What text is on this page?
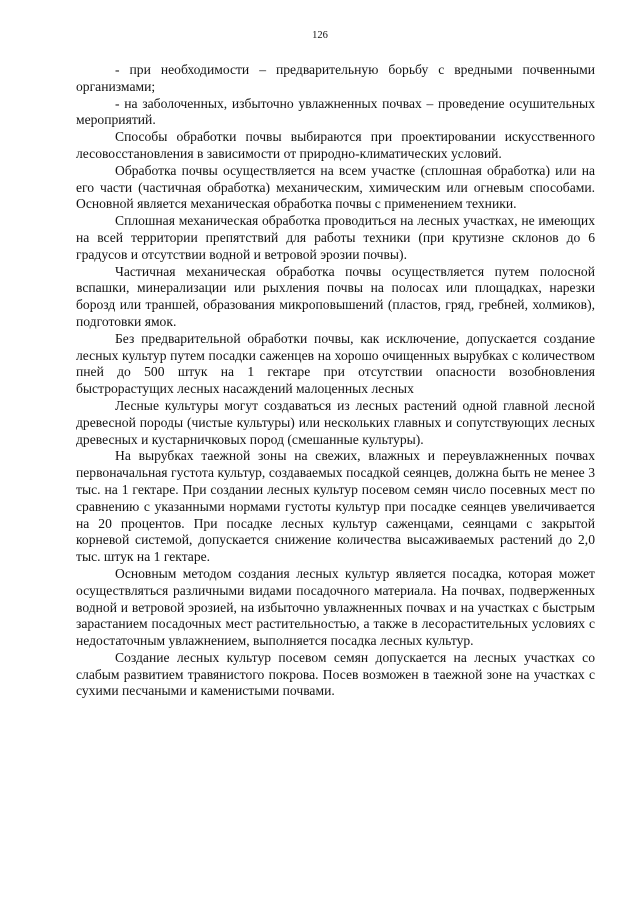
126

- при необходимости – предварительную борьбу с вредными почвенными организмами;

- на заболоченных, избыточно увлажненных почвах – проведение осушительных мероприятий.

Способы обработки почвы выбираются при проектировании искусственного лесовосстановления в зависимости от природно-климатических условий.

Обработка почвы осуществляется на всем участке (сплошная обработка) или на его части (частичная обработка) механическим, химическим или огневым способами. Основной является механическая обработка почвы с применением техники.

Сплошная механическая обработка проводиться на лесных участках, не имеющих на всей территории препятствий для работы техники (при крутизне склонов до 6 градусов и отсутствии водной и ветровой эрозии почвы).

Частичная механическая обработка почвы осуществляется путем полосной вспашки, минерализации или рыхления почвы на полосах или площадках, нарезки борозд или траншей, образования микроповышений (пластов, гряд, гребней, холмиков), подготовки ямок.

Без предварительной обработки почвы, как исключение, допускается создание лесных культур путем посадки саженцев на хорошо очищенных вырубках с количеством пней до 500 штук на 1 гектаре при отсутствии опасности возобновления быстрорастущих лесных насаждений малоценных лесных

Лесные культуры могут создаваться из лесных растений одной главной лесной древесной породы (чистые культуры) или нескольких главных и сопутствующих лесных древесных и кустарничковых пород (смешанные культуры).

На вырубках таежной зоны на свежих, влажных и переувлажненных почвах первоначальная густота культур, создаваемых посадкой сеянцев, должна быть не менее 3 тыс. на 1 гектаре. При создании лесных культур посевом семян число посевных мест по сравнению с указанными нормами густоты культур при посадке сеянцев увеличивается на 20 процентов. При посадке лесных культур саженцами, сеянцами с закрытой корневой системой, допускается снижение количества высаживаемых растений до 2,0 тыс. штук на 1 гектаре.

Основным методом создания лесных культур является посадка, которая может осуществляться различными видами посадочного материала. На почвах, подверженных водной и ветровой эрозией, на избыточно увлажненных почвах и на участках с быстрым зарастанием посадочных мест растительностью, а также в лесорастительных условиях с недостаточным увлажнением, выполняется посадка лесных культур.

Создание лесных культур посевом семян допускается на лесных участках со слабым развитием травянистого покрова. Посев возможен в таежной зоне на участках с сухими песчаными и каменистыми почвами.
